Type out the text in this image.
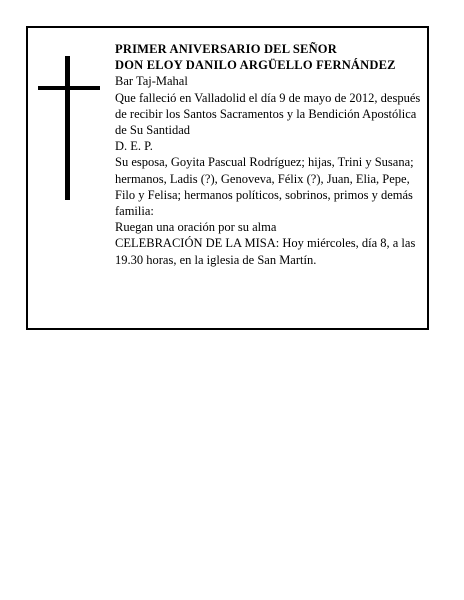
PRIMER ANIVERSARIO DEL SEÑOR

DON ELOY DANILO ARGÜELLO FERNÁNDEZ

Bar Taj-Mahal

Que falleció en Valladolid el día 9 de mayo de 2012, después de recibir los Santos Sacramentos y la Bendición Apostólica de Su Santidad

D. E. P.

Su esposa, Goyita Pascual Rodríguez; hijas, Trini y Susana; hermanos, Ladis (?), Genoveva, Félix (?), Juan, Elia, Pepe, Filo y Felisa; hermanos políticos, sobrinos, primos y demás familia:

Ruegan una oración por su alma

CELEBRACIÓN DE LA MISA: Hoy miércoles, día 8, a las 19.30 horas, en la iglesia de San Martín.
